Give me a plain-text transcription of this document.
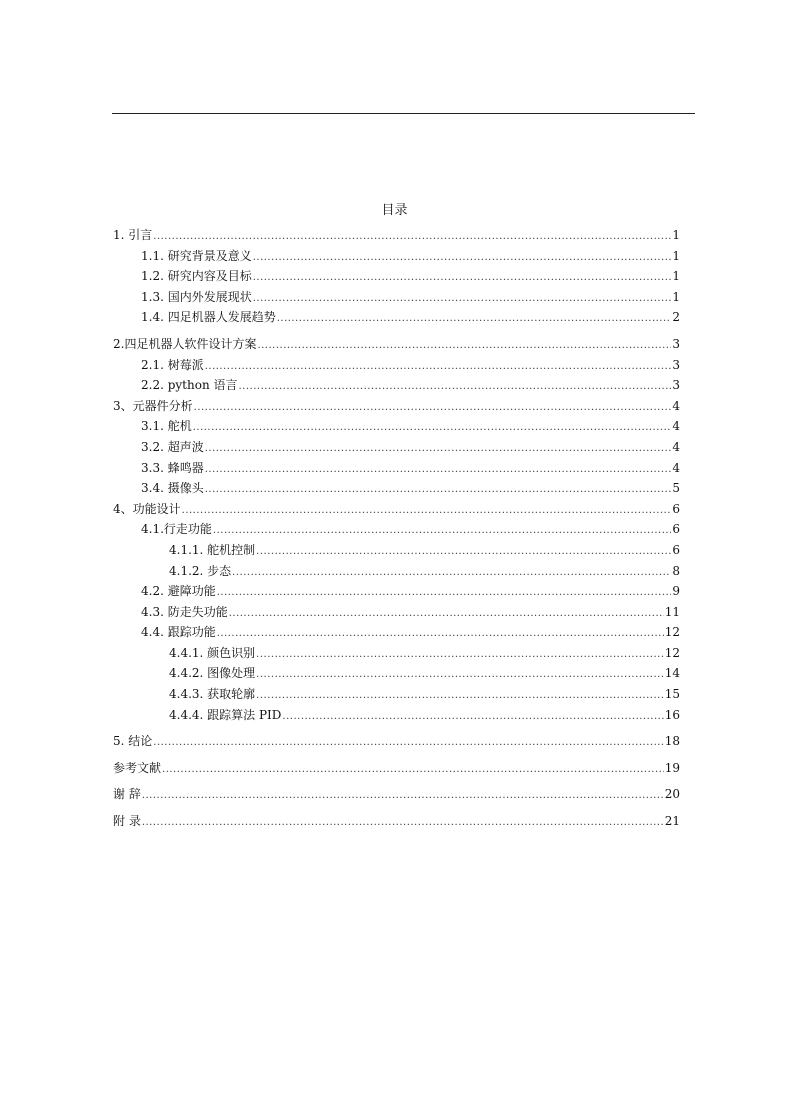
目录
1. 引言 .....	1
1.1. 研究背景及意义 .....	1
1.2. 研究内容及目标 .....	1
1.3. 国内外发展现状 .....	1
1.4. 四足机器人发展趋势 .....	2
2.四足机器人软件设计方案 .....	3
2.1. 树莓派 .....	3
2.2. python 语言 .....	3
3、元器件分析 .....	4
3.1. 舵机 .....	4
3.2. 超声波 .....	4
3.3. 蜂鸣器 .....	4
3.4. 摄像头 .....	5
4、功能设计 .....	6
4.1.行走功能 .....	6
4.1.1. 舵机控制 .....	6
4.1.2. 步态 .....	8
4.2. 避障功能 .....	9
4.3. 防走失功能 .....	11
4.4. 跟踪功能 .....	12
4.4.1. 颜色识别 .....	12
4.4.2. 图像处理 .....	14
4.4.3. 获取轮廓 .....	15
4.4.4. 跟踪算法 PID .....	16
5. 结论 .....	18
参考文献 .....	19
谢 辞 .....	20
附 录 .....	21
